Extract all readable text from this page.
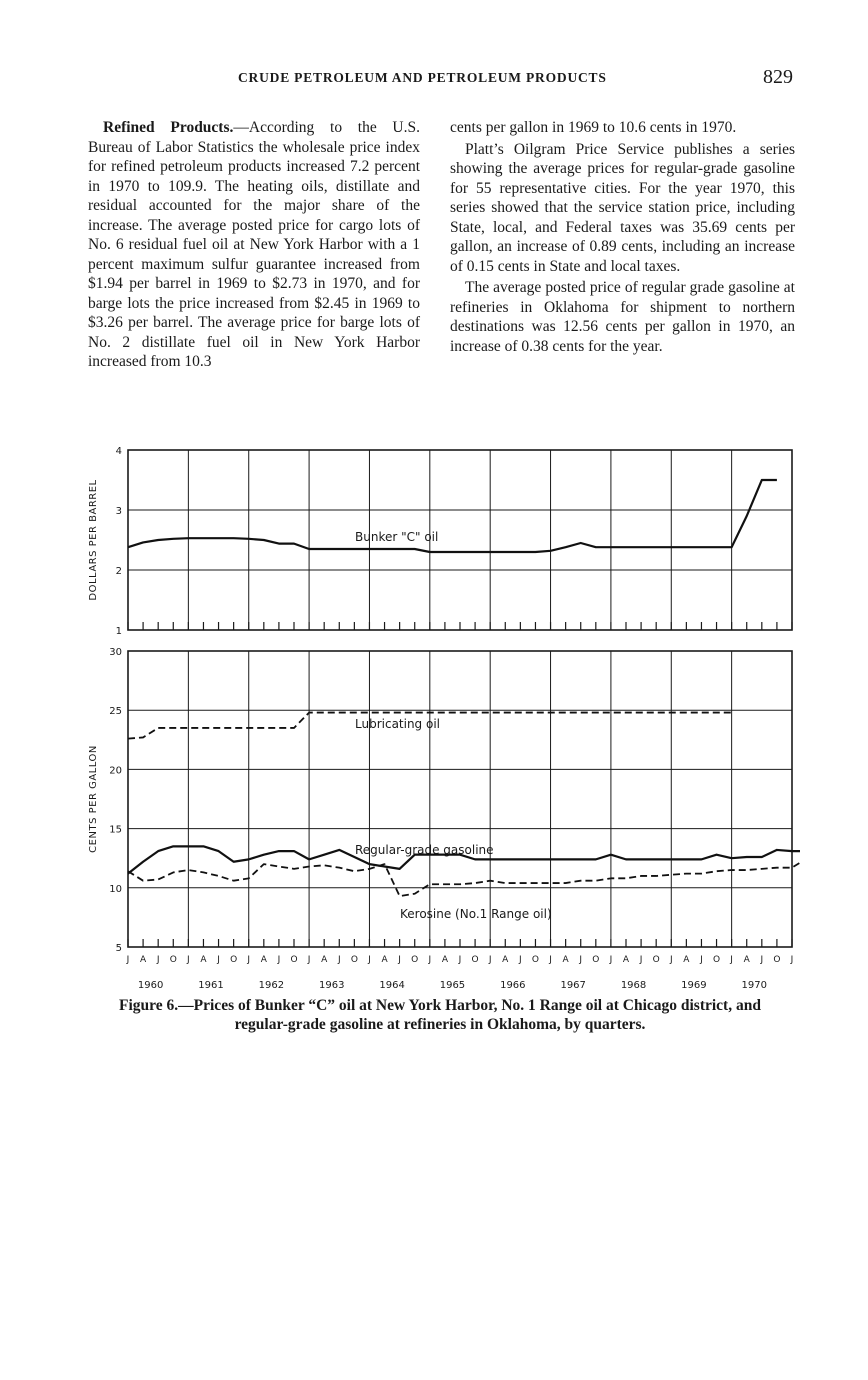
CRUDE PETROLEUM AND PETROLEUM PRODUCTS	829

Refined Products.—According to the U.S. Bureau of Labor Statistics the wholesale price index for refined petroleum products increased 7.2 percent in 1970 to 109.9. The heating oils, distillate and residual accounted for the major share of the increase. The average posted price for cargo lots of No. 6 residual fuel oil at New York Harbor with a 1 percent maximum sulfur guarantee increased from $1.94 per barrel in 1969 to $2.73 in 1970, and for barge lots the price increased from $2.45 in 1969 to $3.26 per barrel. The average price for barge lots of No. 2 distillate fuel oil in New York Harbor increased from 10.3

cents per gallon in 1969 to 10.6 cents in 1970.

Platt’s Oilgram Price Service publishes a series showing the average prices for regular-grade gasoline for 55 representative cities. For the year 1970, this series showed that the service station price, including State, local, and Federal taxes was 35.69 cents per gallon, an increase of 0.89 cents, including an increase of 0.15 cents in State and local taxes.

The average posted price of regular grade gasoline at refineries in Oklahoma for shipment to northern destinations was 12.56 cents per gallon in 1970, an increase of 0.38 cents for the year.

1
2
3
4
DOLLARS PER BARREL
5
10
15
20
25
30
CENTS PER GALLON
Bunker "C" oil
Lubricating oil
Regular-grade gasoline
Kerosine (No.1 Range oil)
J A J O J A J O J A J O J A J O J A J O J A J O J A J O J A J O J A J O J A J O J A J O J
1960	1961	1962	1963	1964	1965	1966	1967	1968	1969	1970
Figure 6.—Prices of Bunker “C” oil at New York Harbor, No. 1 Range oil at Chicago district, and regular-grade gasoline at refineries in Oklahoma, by quarters.
